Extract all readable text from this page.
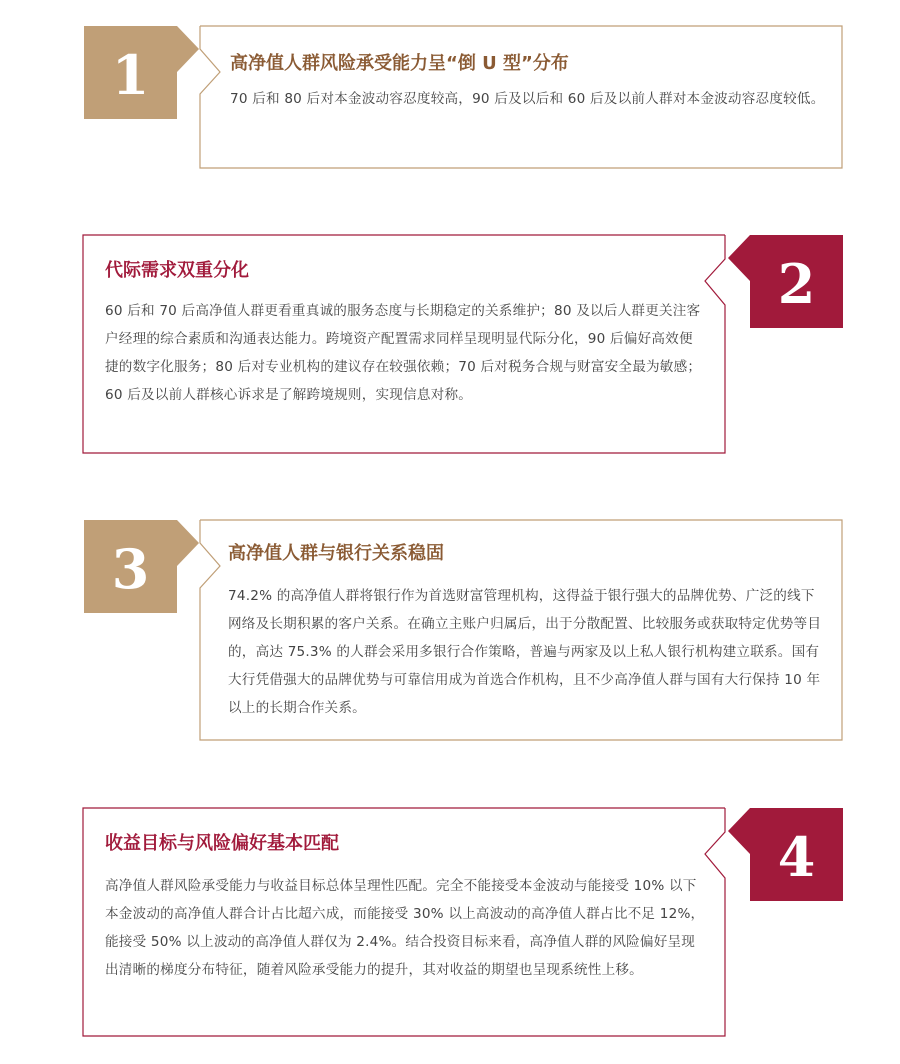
1	高净值人群风险承受能力呈“倒 U 型”分布

70 后和 80 后对本金波动容忍度较高，90 后及以后和 60 后及以前人群对本金波动容忍度较低。

代际需求双重分化

60 后和 70 后高净值人群更看重真诚的服务态度与长期稳定的关系维护；80 及以后人群更关注客户经理的综合素质和沟通表达能力。跨境资产配置需求同样呈现明显代际分化，90 后偏好高效便捷的数字化服务；80 后对专业机构的建议存在较强依赖；70 后对税务合规与财富安全最为敏感；60 后及以前人群核心诉求是了解跨境规则，实现信息对称。

2
3	高净值人群与银行关系稳固

74.2% 的高净值人群将银行作为首选财富管理机构，这得益于银行强大的品牌优势、广泛的线下网络及长期积累的客户关系。在确立主账户归属后，出于分散配置、比较服务或获取特定优势等目的，高达 75.3% 的人群会采用多银行合作策略，普遍与两家及以上私人银行机构建立联系。国有大行凭借强大的品牌优势与可靠信用成为首选合作机构，且不少高净值人群与国有大行保持 10 年以上的长期合作关系。

收益目标与风险偏好基本匹配

高净值人群风险承受能力与收益目标总体呈理性匹配。完全不能接受本金波动与能接受 10% 以下本金波动的高净值人群合计占比超六成，而能接受 30% 以上高波动的高净值人群占比不足 12%，能接受 50% 以上波动的高净值人群仅为 2.4%。结合投资目标来看，高净值人群的风险偏好呈现出清晰的梯度分布特征，随着风险承受能力的提升，其对收益的期望也呈现系统性上移。

4
